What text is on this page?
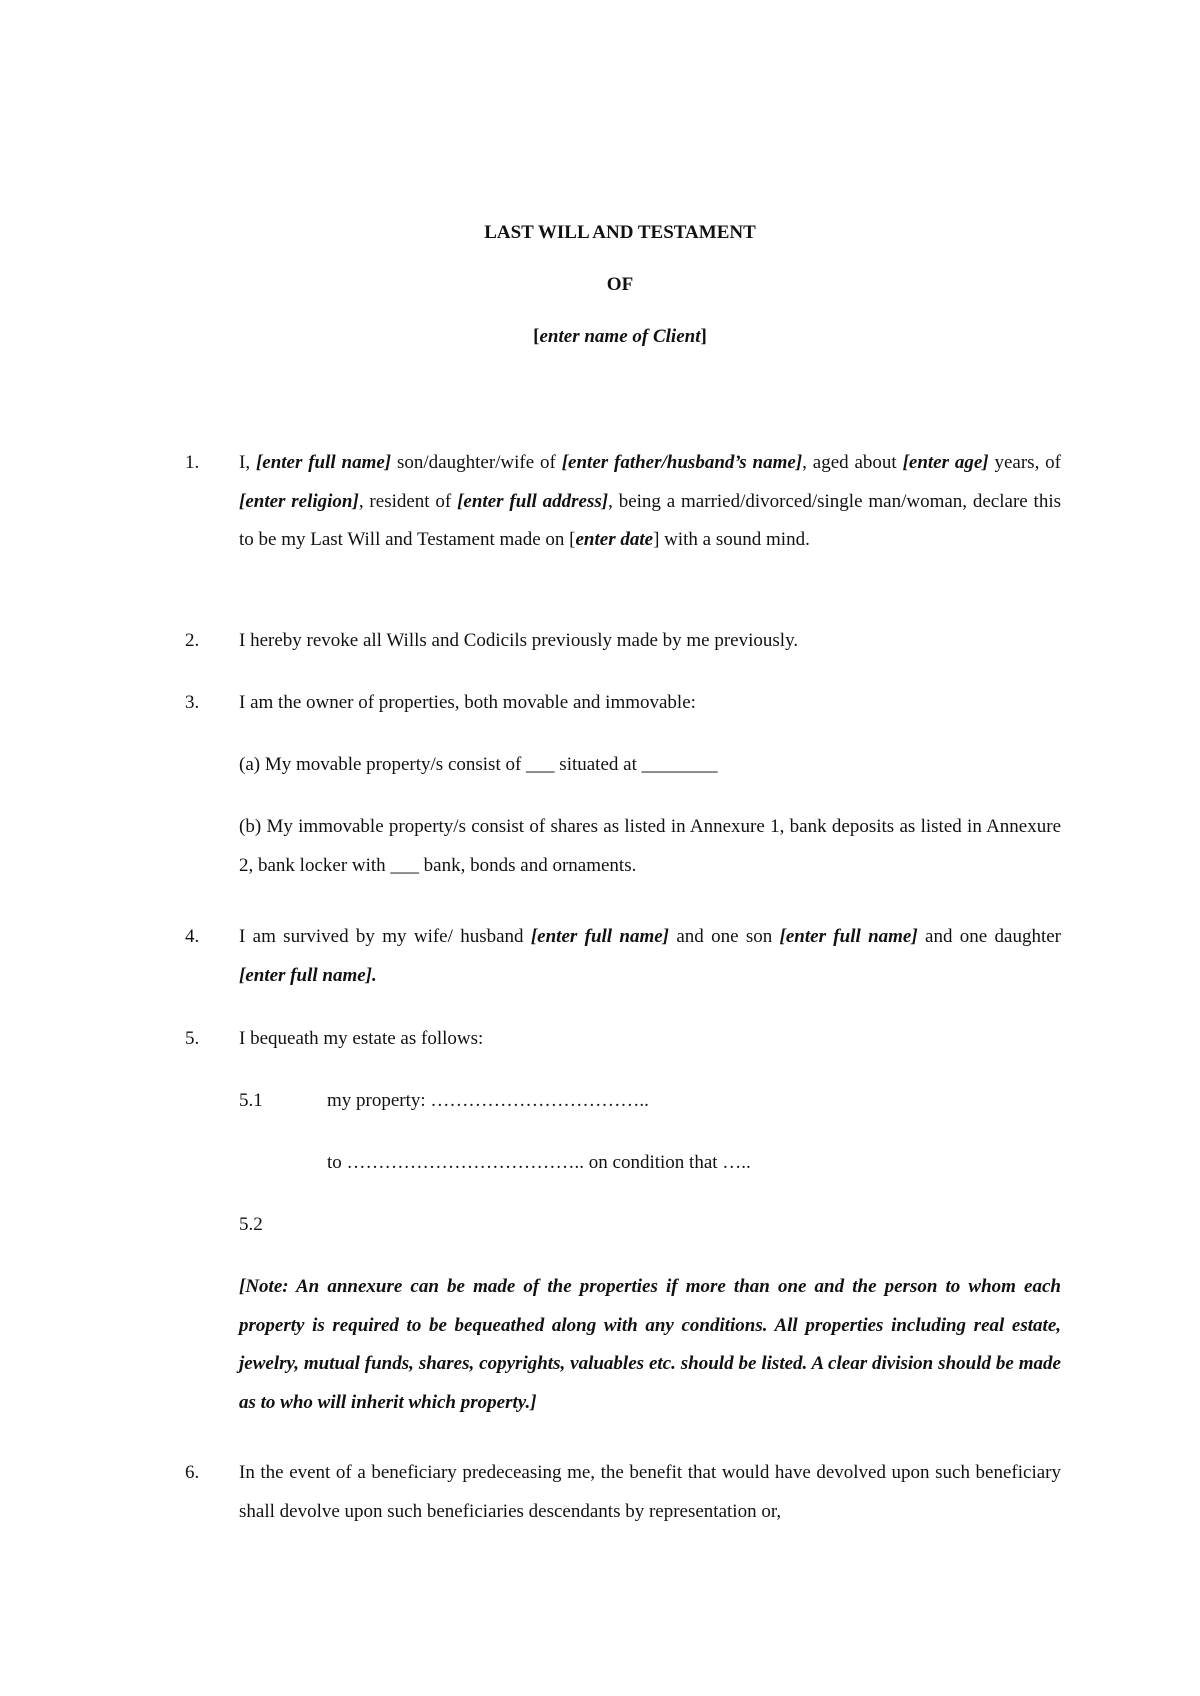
LAST WILL AND TESTAMENT
OF
[enter name of Client]
1. I, [enter full name] son/daughter/wife of [enter father/husband’s name], aged about [enter age] years, of [enter religion], resident of [enter full address], being a married/divorced/single man/woman, declare this to be my Last Will and Testament made on [enter date] with a sound mind.
2. I hereby revoke all Wills and Codicils previously made by me previously.
3. I am the owner of properties, both movable and immovable:
(a) My movable property/s consist of ___ situated at ________
(b) My immovable property/s consist of shares as listed in Annexure 1, bank deposits as listed in Annexure 2, bank locker with ___ bank, bonds and ornaments.
4. I am survived by my wife/ husband [enter full name] and one son [enter full name] and one daughter [enter full name].
5. I bequeath my estate as follows:
5.1	my property: ……………………………..
to ……………………………….. on condition that …..
5.2
[Note: An annexure can be made of the properties if more than one and the person to whom each property is required to be bequeathed along with any conditions. All properties including real estate, jewelry, mutual funds, shares, copyrights, valuables etc. should be listed. A clear division should be made as to who will inherit which property.]
6. In the event of a beneficiary predeceasing me, the benefit that would have devolved upon such beneficiary shall devolve upon such beneficiaries descendants by representation or,
